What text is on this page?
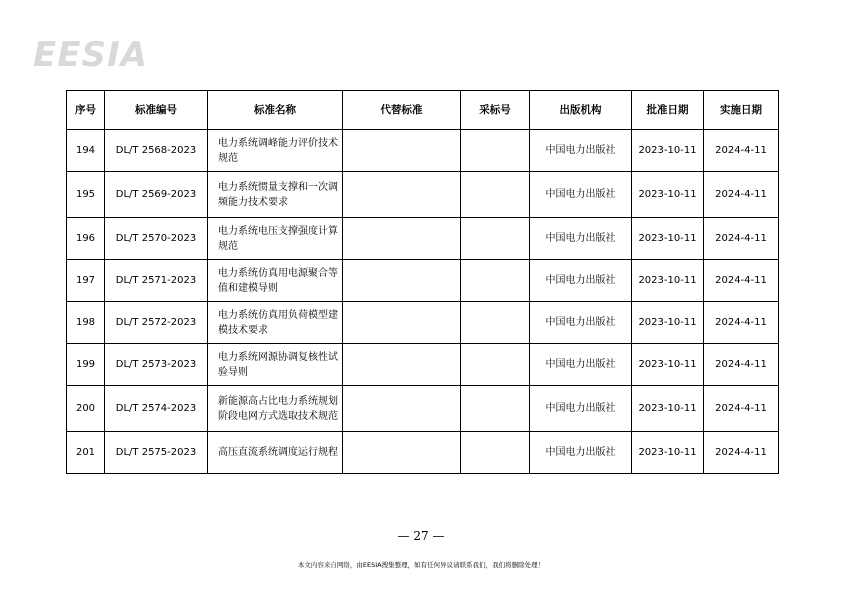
EESIA
序号	标准编号	标准名称	代替标准	采标号	出版机构	批准日期	实施日期
194	DL/T 2568-2023	电力系统调峰能力评价技术规范			中国电力出版社	2023-10-11	2024-4-11
195	DL/T 2569-2023	电力系统惯量支撑和一次调频能力技术要求			中国电力出版社	2023-10-11	2024-4-11
196	DL/T 2570-2023	电力系统电压支撑强度计算规范			中国电力出版社	2023-10-11	2024-4-11
197	DL/T 2571-2023	电力系统仿真用电源聚合等值和建模导则			中国电力出版社	2023-10-11	2024-4-11
198	DL/T 2572-2023	电力系统仿真用负荷模型建模技术要求			中国电力出版社	2023-10-11	2024-4-11
199	DL/T 2573-2023	电力系统网源协调复核性试验导则			中国电力出版社	2023-10-11	2024-4-11
200	DL/T 2574-2023	新能源高占比电力系统规划阶段电网方式选取技术规范			中国电力出版社	2023-10-11	2024-4-11
201	DL/T 2575-2023	高压直流系统调度运行规程			中国电力出版社	2023-10-11	2024-4-11
— 27 —
本文内容来自网络，由EESIA搜集整理，如有任何异议请联系我们，我们将删除处理！
